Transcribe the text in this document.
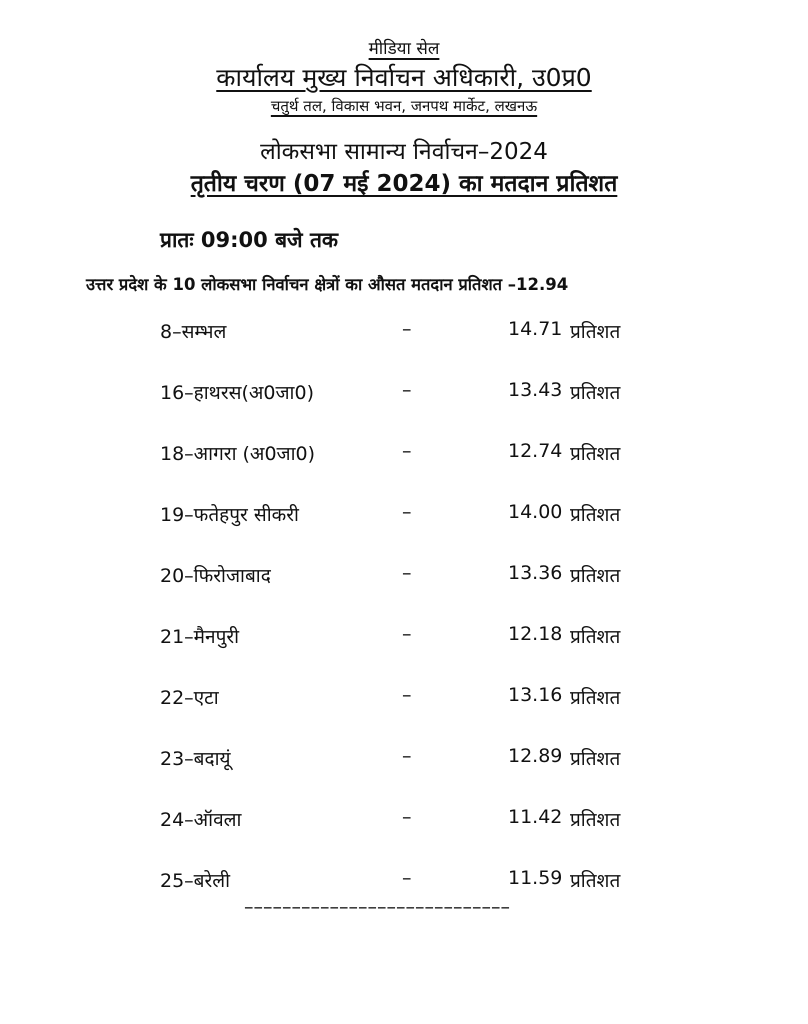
मीडिया सेल
कार्यालय मुख्य निर्वाचन अधिकारी, उ0प्र0
चतुर्थ तल, विकास भवन, जनपथ मार्केट, लखनऊ
लोकसभा सामान्य निर्वाचन–2024
तृतीय चरण (07 मई 2024) का मतदान प्रतिशत
प्रातः 09:00 बजे तक
उत्तर प्रदेश के 10 लोकसभा निर्वाचन क्षेत्रों का औसत मतदान प्रतिशत –12.94
8–सम्भल	–	14.71 प्रतिशत
16–हाथरस(अ0जा0)	–	13.43 प्रतिशत
18–आगरा (अ0जा0)	–	12.74 प्रतिशत
19–फतेहपुर सीकरी	–	14.00 प्रतिशत
20–फिरोजाबाद	–	13.36 प्रतिशत
21–मैनपुरी	–	12.18 प्रतिशत
22–एटा	–	13.16 प्रतिशत
23–बदायूं	–	12.89 प्रतिशत
24–ऑवला	–	11.42 प्रतिशत
25–बरेली	–	11.59 प्रतिशत
––––––––––––––––––––––––––––
